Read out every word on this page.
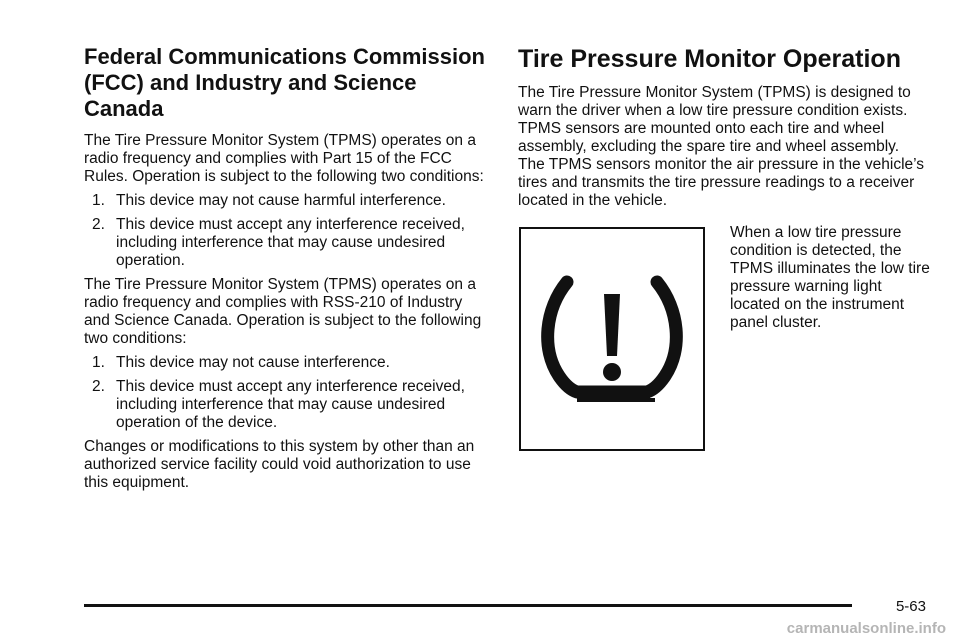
Federal Communications Commission (FCC) and Industry and Science Canada

The Tire Pressure Monitor System (TPMS) operates on a radio frequency and complies with Part 15 of the FCC Rules. Operation is subject to the following two conditions:

1. This device may not cause harmful interference.
2. This device must accept any interference received, including interference that may cause undesired operation.

The Tire Pressure Monitor System (TPMS) operates on a radio frequency and complies with RSS-210 of Industry and Science Canada. Operation is subject to the following two conditions:

1. This device may not cause interference.
2. This device must accept any interference received, including interference that may cause undesired operation of the device.

Changes or modifications to this system by other than an authorized service facility could void authorization to use this equipment.

Tire Pressure Monitor Operation

The Tire Pressure Monitor System (TPMS) is designed to warn the driver when a low tire pressure condition exists. TPMS sensors are mounted onto each tire and wheel assembly, excluding the spare tire and wheel assembly. The TPMS sensors monitor the air pressure in the vehicle’s tires and transmits the tire pressure readings to a receiver located in the vehicle.

When a low tire pressure condition is detected, the TPMS illuminates the low tire pressure warning light located on the instrument panel cluster.

5-63
carmanualsonline.info
